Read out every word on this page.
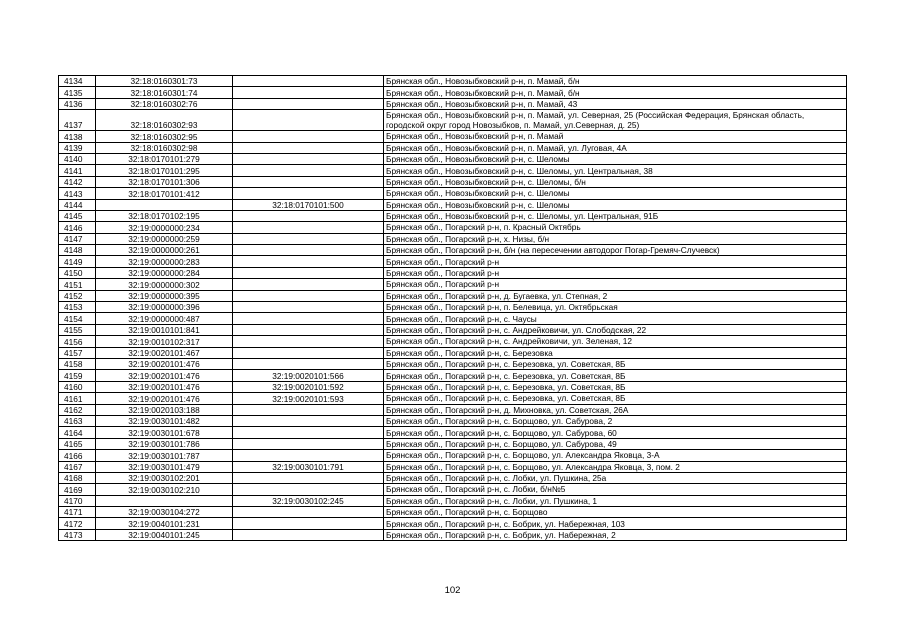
4134	32:18:0160301:73		Брянская обл., Новозыбковский р-н, п. Мамай, б/н
4135	32:18:0160301:74		Брянская обл., Новозыбковский р-н, п. Мамай, б/н
4136	32:18:0160302:76		Брянская обл., Новозыбковский р-н, п. Мамай, 43
4137	32:18:0160302:93		Брянская обл., Новозыбковский р-н, п. Мамай, ул. Северная, 25 (Российская Федерация, Брянская область, городской округ город Новозыбков, п. Мамай, ул.Северная, д. 25)
4138	32:18:0160302:95		Брянская обл., Новозыбковский р-н, п. Мамай
4139	32:18:0160302:98		Брянская обл., Новозыбковский р-н, п. Мамай, ул. Луговая, 4А
4140	32:18:0170101:279		Брянская обл., Новозыбковский р-н, с. Шеломы
4141	32:18:0170101:295		Брянская обл., Новозыбковский р-н, с. Шеломы, ул. Центральная, 38
4142	32:18:0170101:306		Брянская обл., Новозыбковский р-н, с. Шеломы, б/н
4143	32:18:0170101:412		Брянская обл., Новозыбковский р-н, с. Шеломы
4144		32:18:0170101:500	Брянская обл., Новозыбковский р-н, с. Шеломы
4145	32:18:0170102:195		Брянская обл., Новозыбковский р-н, с. Шеломы, ул. Центральная, 91Б
4146	32:19:0000000:234		Брянская обл., Погарский р-н, п. Красный Октябрь
4147	32:19:0000000:259		Брянская обл., Погарский р-н, х. Низы, б/н
4148	32:19:0000000:261		Брянская обл., Погарский р-н, б/н (на пересечении автодорог Погар-Гремяч-Случевск)
4149	32:19:0000000:283		Брянская обл., Погарский р-н
4150	32:19:0000000:284		Брянская обл., Погарский р-н
4151	32:19:0000000:302		Брянская обл., Погарский р-н
4152	32:19:0000000:395		Брянская обл., Погарский р-н, д. Бугаевка, ул. Степная, 2
4153	32:19:0000000:396		Брянская обл., Погарский р-н, п. Белевица, ул. Октябрьская
4154	32:19:0000000:487		Брянская обл., Погарский р-н, с. Чаусы
4155	32:19:0010101:841		Брянская обл., Погарский р-н, с. Андрейковичи, ул. Слободская, 22
4156	32:19:0010102:317		Брянская обл., Погарский р-н, с. Андрейковичи, ул. Зеленая, 12
4157	32:19:0020101:467		Брянская обл., Погарский р-н, с. Березовка
4158	32:19:0020101:476		Брянская обл., Погарский р-н, с. Березовка, ул. Советская, 8Б
4159	32:19:0020101:476	32:19:0020101:566	Брянская обл., Погарский р-н, с. Березовка, ул. Советская, 8Б
4160	32:19:0020101:476	32:19:0020101:592	Брянская обл., Погарский р-н, с. Березовка, ул. Советская, 8Б
4161	32:19:0020101:476	32:19:0020101:593	Брянская обл., Погарский р-н, с. Березовка, ул. Советская, 8Б
4162	32:19:0020103:188		Брянская обл., Погарский р-н, д. Михновка, ул. Советская, 26А
4163	32:19:0030101:482		Брянская обл., Погарский р-н, с. Борщово, ул. Сабурова, 2
4164	32:19:0030101:678		Брянская обл., Погарский р-н, с. Борщово, ул. Сабурова, 60
4165	32:19:0030101:786		Брянская обл., Погарский р-н, с. Борщово, ул. Сабурова, 49
4166	32:19:0030101:787		Брянская обл., Погарский р-н, с. Борщово, ул. Александра Яковца, 3-А
4167	32:19:0030101:479	32:19:0030101:791	Брянская обл., Погарский р-н, с. Борщово, ул. Александра Яковца, 3, пом. 2
4168	32:19:0030102:201		Брянская обл., Погарский р-н, с. Лобки, ул. Пушкина, 25а
4169	32:19:0030102:210		Брянская обл., Погарский р-н, с. Лобки, б/н№5
4170		32:19:0030102:245	Брянская обл., Погарский р-н, с. Лобки, ул. Пушкина, 1
4171	32:19:0030104:272		Брянская обл., Погарский р-н, с. Борщово
4172	32:19:0040101:231		Брянская обл., Погарский р-н, с. Бобрик, ул. Набережная, 103
4173	32:19:0040101:245		Брянская обл., Погарский р-н, с. Бобрик, ул. Набережная, 2
102
